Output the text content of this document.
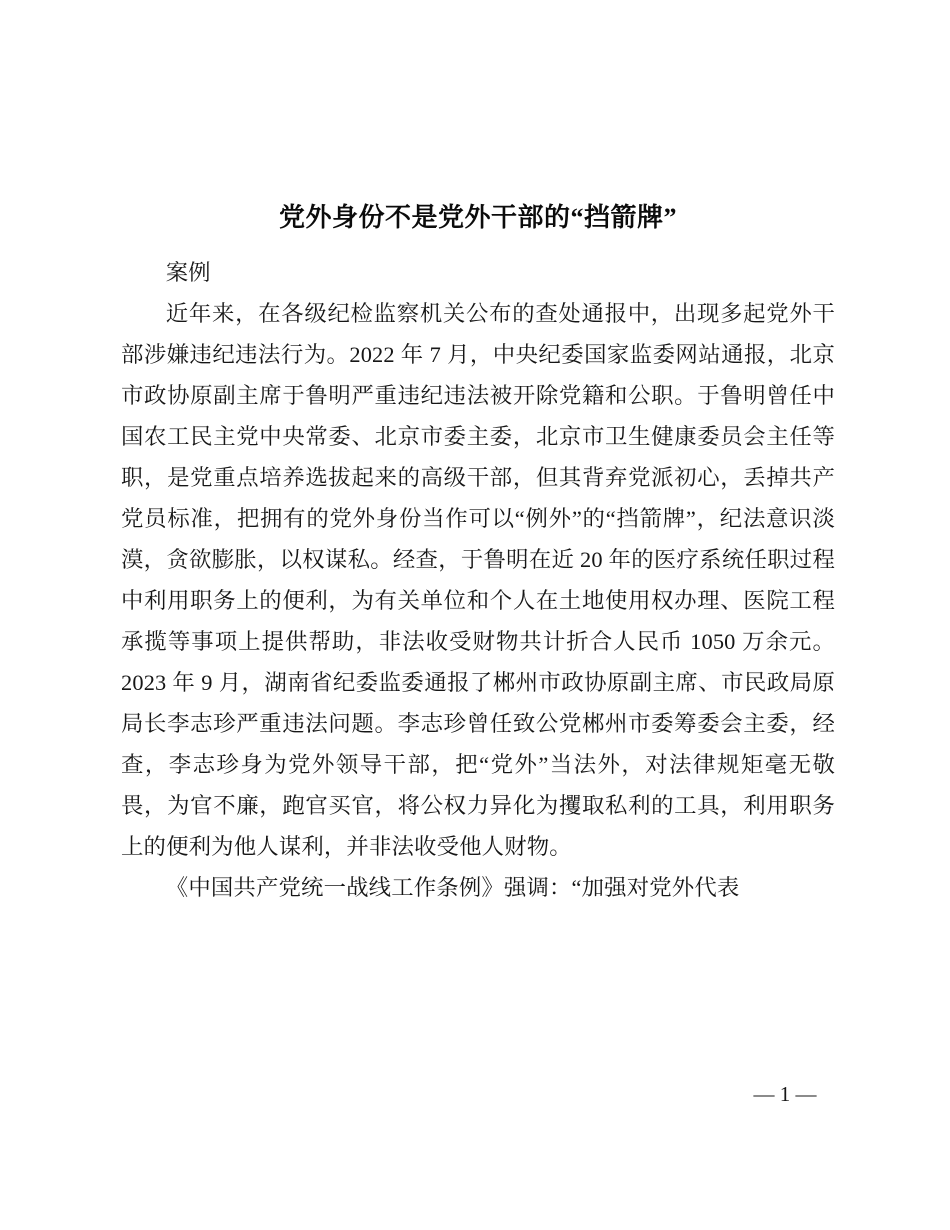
党外身份不是党外干部的“挡箭牌”

案例

近年来，在各级纪检监察机关公布的查处通报中，出现多起党外干部涉嫌违纪违法行为。2022 年 7 月，中央纪委国家监委网站通报，北京市政协原副主席于鲁明严重违纪违法被开除党籍和公职。于鲁明曾任中国农工民主党中央常委、北京市委主委，北京市卫生健康委员会主任等职，是党重点培养选拔起来的高级干部，但其背弃党派初心，丢掉共产党员标准，把拥有的党外身份当作可以“例外”的“挡箭牌”，纪法意识淡漠，贪欲膨胀，以权谋私。经查，于鲁明在近 20 年的医疗系统任职过程中利用职务上的便利，为有关单位和个人在土地使用权办理、医院工程承揽等事项上提供帮助，非法收受财物共计折合人民币 1050 万余元。2023 年 9 月，湖南省纪委监委通报了郴州市政协原副主席、市民政局原局长李志珍严重违法问题。李志珍曾任致公党郴州市委筹委会主委，经查，李志珍身为党外领导干部，把“党外”当法外，对法律规矩毫无敬畏，为官不廉，跑官买官，将公权力异化为攫取私利的工具，利用职务上的便利为他人谋利，并非法收受他人财物。

《中国共产党统一战线工作条例》强调：“加强对党外代表

— 1 —
